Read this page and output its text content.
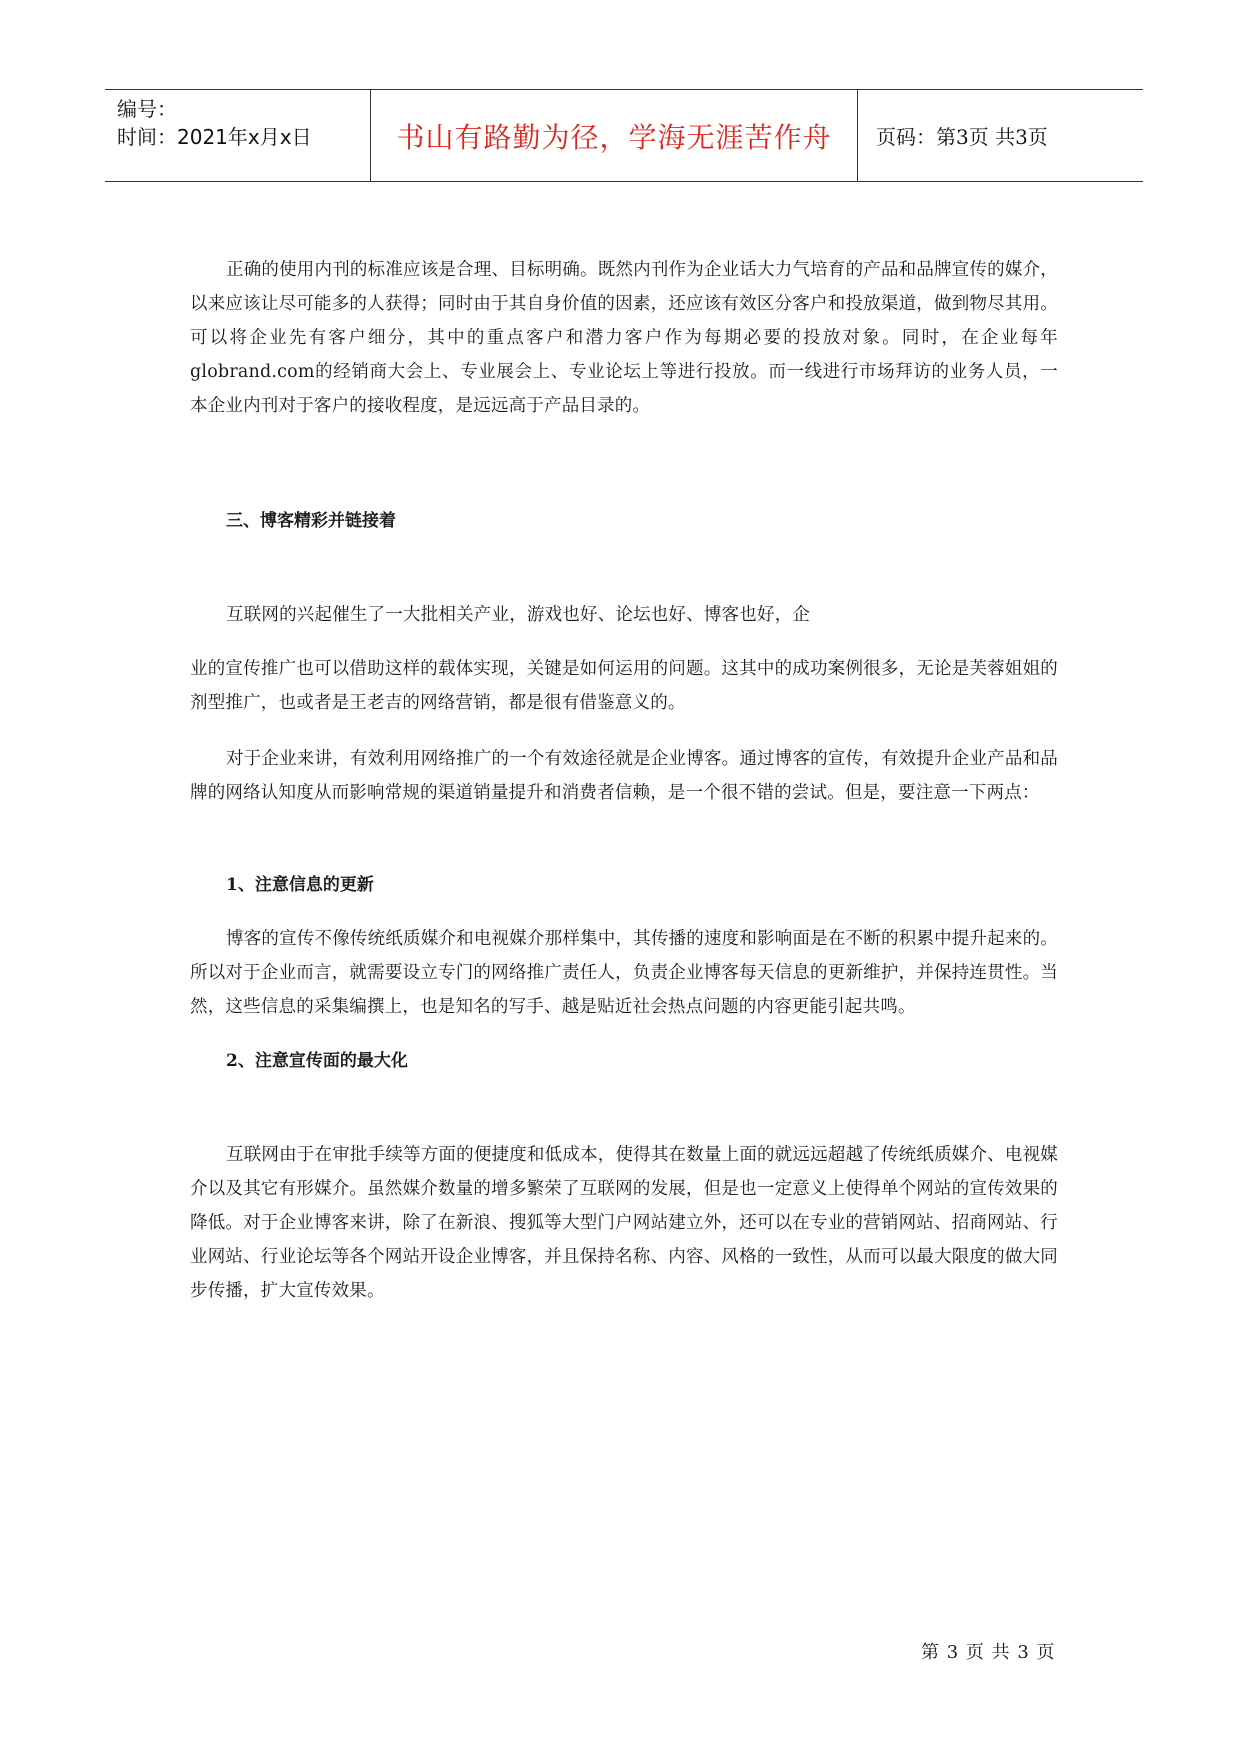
编号：
时间：2021年x月x日	书山有路勤为径，学海无涯苦作舟 页码：第3页 共3页

正确的使用内刊的标准应该是合理、目标明确。既然内刊作为企业话大力气培育的产品和品牌宣传的媒介，以来应该让尽可能多的人获得；同时由于其自身价值的因素，还应该有效区分客户和投放渠道，做到物尽其用。可以将企业先有客户细分，其中的重点客户和潜力客户作为每期必要的投放对象。同时，在企业每年globrand.com的经销商大会上、专业展会上、专业论坛上等进行投放。而一线进行市场拜访的业务人员，一本企业内刊对于客户的接收程度，是远远高于产品目录的。

三、博客精彩并链接着

互联网的兴起催生了一大批相关产业，游戏也好、论坛也好、博客也好，企

业的宣传推广也可以借助这样的载体实现，关键是如何运用的问题。这其中的成功案例很多，无论是芙蓉姐姐的剂型推广，也或者是王老吉的网络营销，都是很有借鉴意义的。

对于企业来讲，有效利用网络推广的一个有效途径就是企业博客。通过博客的宣传，有效提升企业产品和品牌的网络认知度从而影响常规的渠道销量提升和消费者信赖，是一个很不错的尝试。但是，要注意一下两点：

1、注意信息的更新

博客的宣传不像传统纸质媒介和电视媒介那样集中，其传播的速度和影响面是在不断的积累中提升起来的。所以对于企业而言，就需要设立专门的网络推广责任人，负责企业博客每天信息的更新维护，并保持连贯性。当然，这些信息的采集编撰上，也是知名的写手、越是贴近社会热点问题的内容更能引起共鸣。

2、注意宣传面的最大化

互联网由于在审批手续等方面的便捷度和低成本，使得其在数量上面的就远远超越了传统纸质媒介、电视媒介以及其它有形媒介。虽然媒介数量的增多繁荣了互联网的发展，但是也一定意义上使得单个网站的宣传效果的降低。对于企业博客来讲，除了在新浪、搜狐等大型门户网站建立外，还可以在专业的营销网站、招商网站、行业网站、行业论坛等各个网站开设企业博客，并且保持名称、内容、风格的一致性，从而可以最大限度的做大同步传播，扩大宣传效果。

第 3 页 共 3 页
